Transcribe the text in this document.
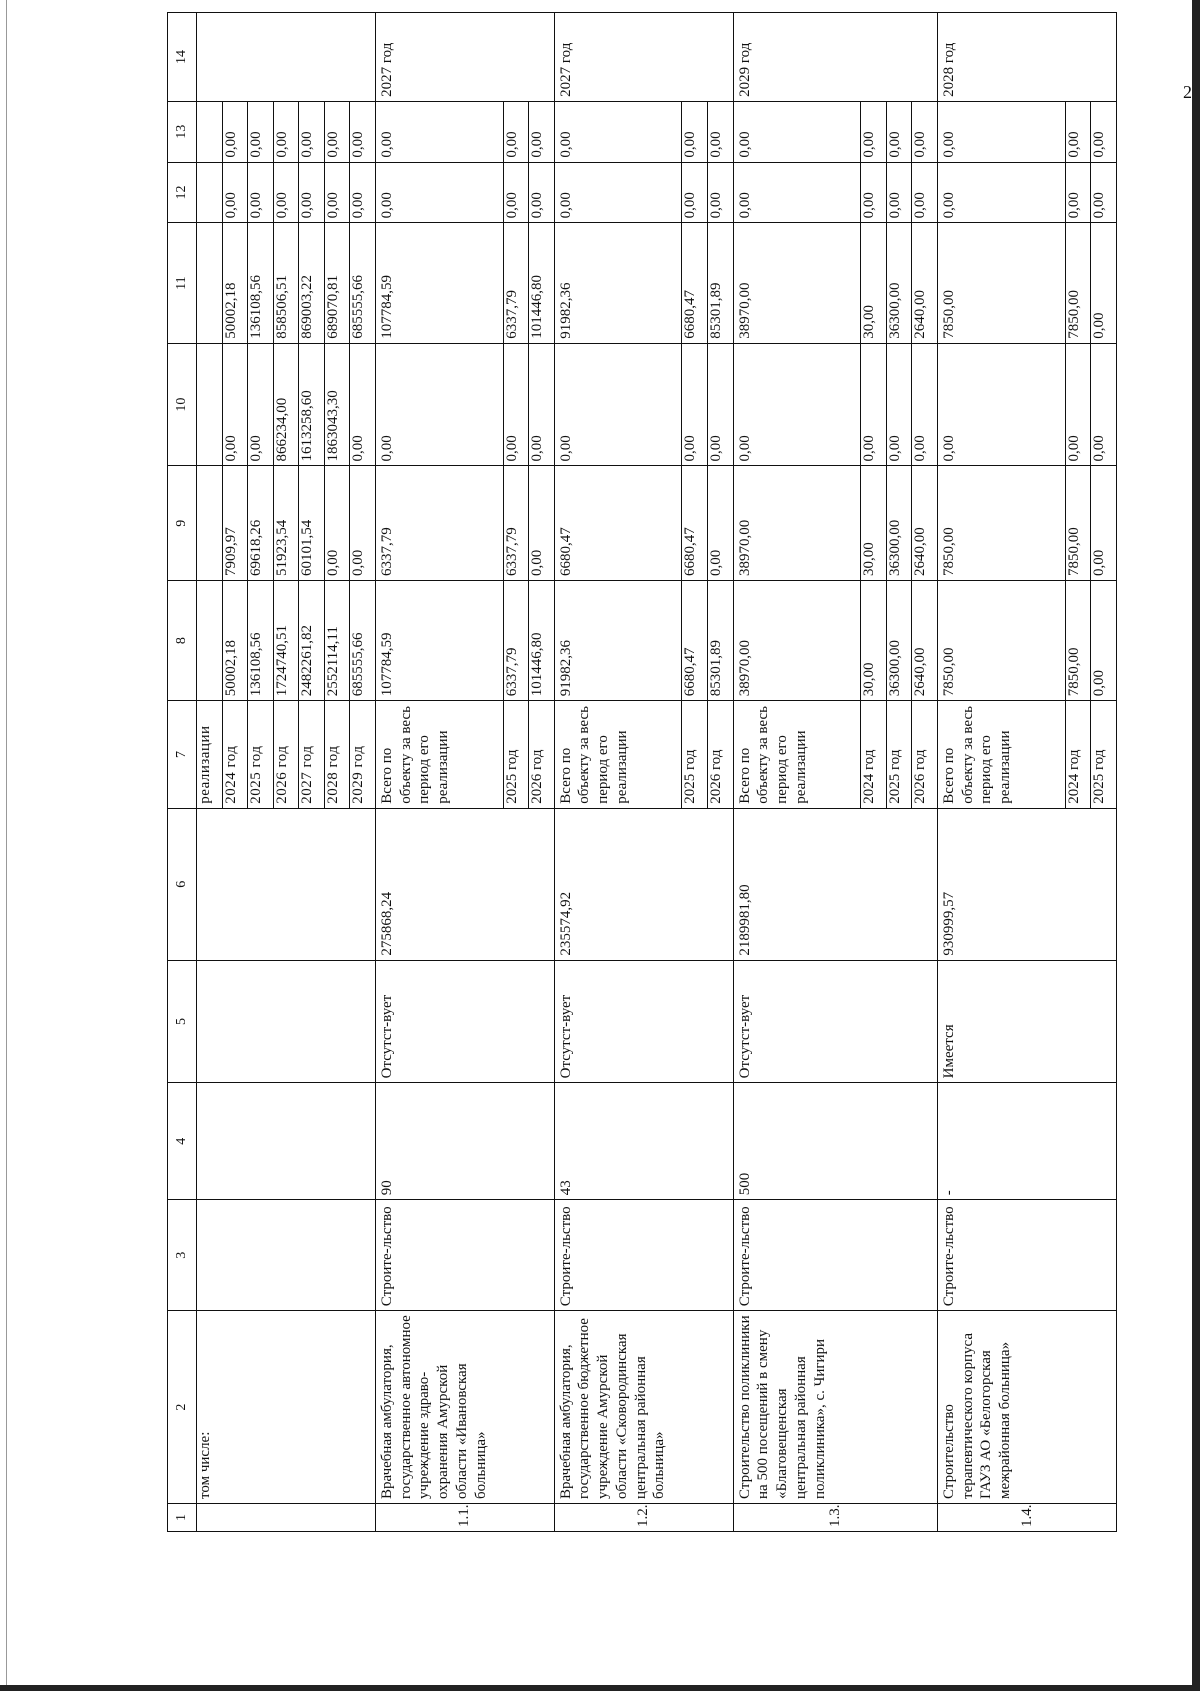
2
1	2	3	4	5	6	7	8	9	10	11	12	13	14
	том числе:					реализации							
						2024 год	50002,18	7909,97	0,00	50002,18	0,00	0,00	
						2025 год	136108,56	69618,26	0,00	136108,56	0,00	0,00	
						2026 год	1724740,51	51923,54	866234,00	858506,51	0,00	0,00	
						2027 год	2482261,82	60101,54	1613258,60	869003,22	0,00	0,00	
						2028 год	2552114,11	0,00	1863043,30	689070,81	0,00	0,00	
						2029 год	685555,66	0,00	0,00	685555,66	0,00	0,00	
1.1.	Врачебная амбулатория, государственное автономное учреждение здраво-охранения Амурской области «Ивановская больница»	Строите-льство	90	Отсутст-вует	275868,24	Всего по объекту за весь период его реализации	107784,59	6337,79	0,00	107784,59	0,00	0,00	2027 год
						2025 год	6337,79	6337,79	0,00	6337,79	0,00	0,00	
						2026 год	101446,80	0,00	0,00	101446,80	0,00	0,00	
1.2.	Врачебная амбулатория, государственное бюджетное учреждение Амурской области «Сковородинская центральная районная больница»	Строите-льство	43	Отсутст-вует	235574,92	Всего по объекту за весь период его реализации	91982,36	6680,47	0,00	91982,36	0,00	0,00	2027 год
						2025 год	6680,47	6680,47	0,00	6680,47	0,00	0,00	
						2026 год	85301,89	0,00	0,00	85301,89	0,00	0,00	
1.3.	Строительство поликлиники на 500 посещений в смену «Благовещенская центральная районная поликлиника», с. Чигири	Строите-льство	500	Отсутст-вует	2189981,80	Всего по объекту за весь период его реализации	38970,00	38970,00	0,00	38970,00	0,00	0,00	2029 год
						2024 год	30,00	30,00	0,00	30,00	0,00	0,00	
						2025 год	36300,00	36300,00	0,00	36300,00	0,00	0,00	
						2026 год	2640,00	2640,00	0,00	2640,00	0,00	0,00	
1.4.	Строительство терапевтического корпуса ГАУЗ АО «Белогорская межрайонная больница»	Строите-льство	-	Имеется	930999,57	Всего по объекту за весь период его реализации	7850,00	7850,00	0,00	7850,00	0,00	0,00	2028 год
						2024 год	7850,00	7850,00	0,00	7850,00	0,00	0,00	
						2025 год	0,00	0,00	0,00	0,00	0,00	0,00	
